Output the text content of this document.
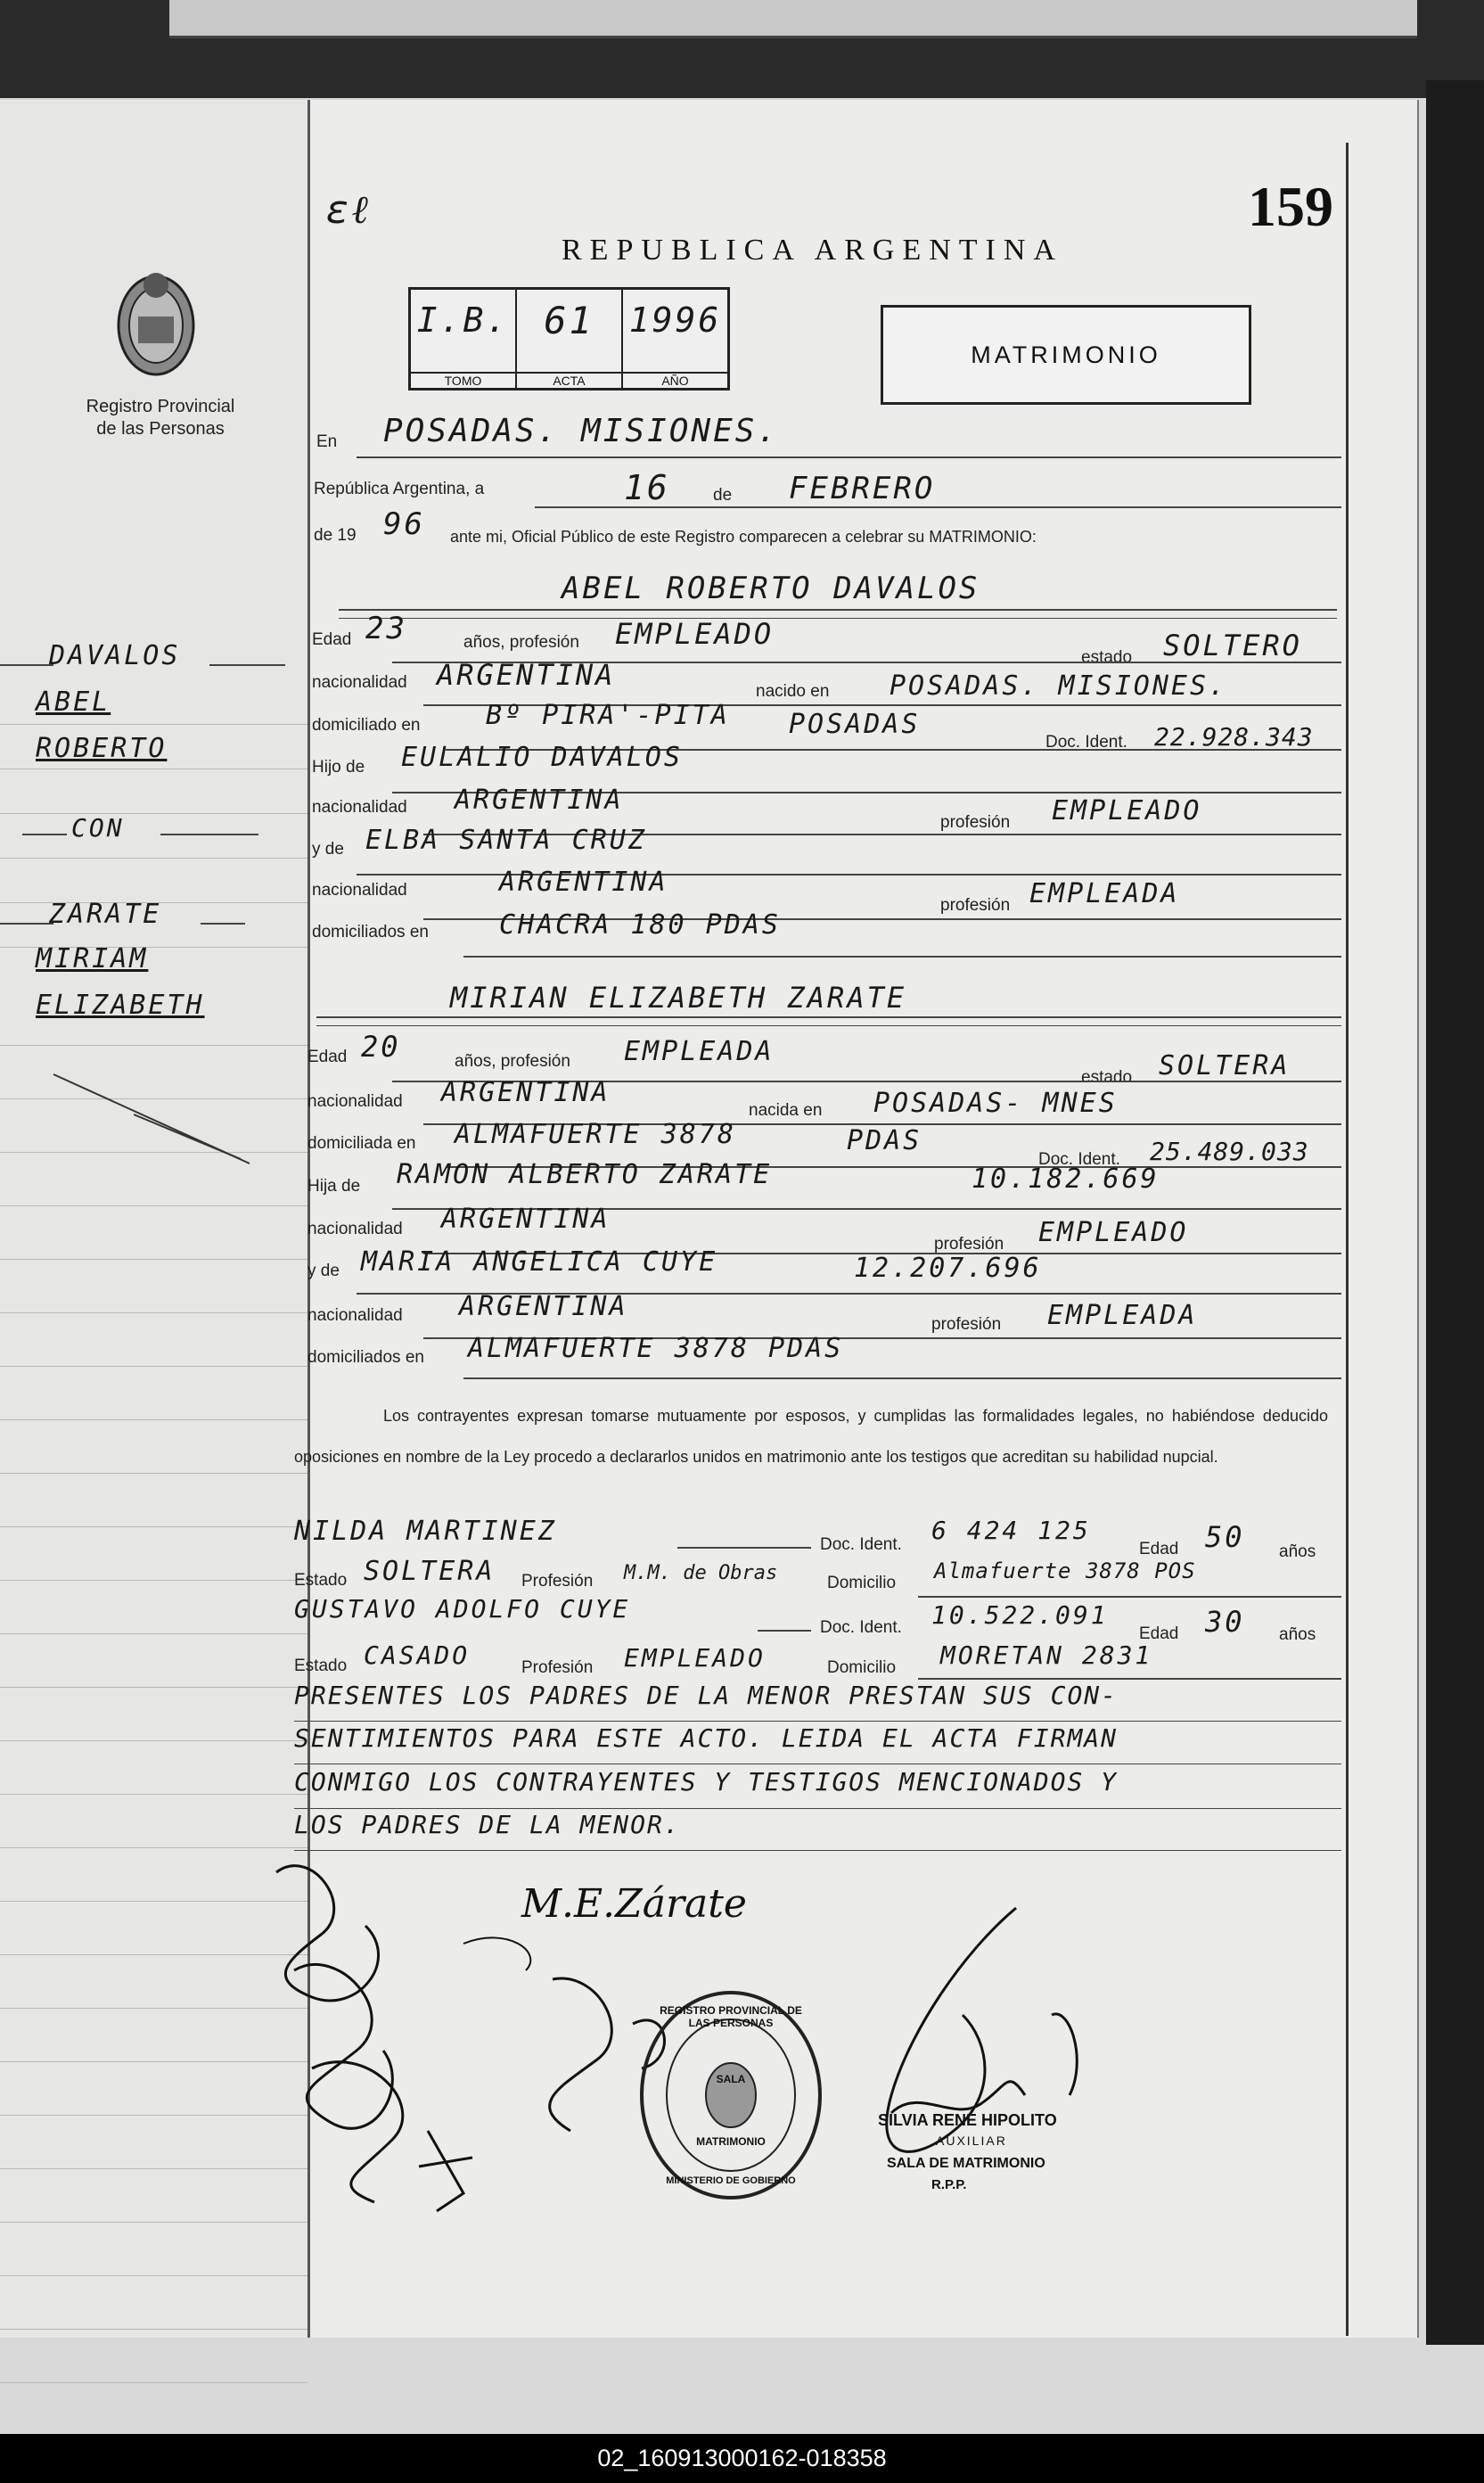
Registro Provincial
de las Personas
ɛℓ	159
REPUBLICA ARGENTINA
I.B.
TOMO
61
ACTA
1996
AÑO
MATRIMONIO
En POSADAS. MISIONES.
República Argentina, a	16	de FEBRERO
de 19 96 ante mi, Oficial Público de este Registro comparecen a celebrar su MATRIMONIO:
ABEL ROBERTO DAVALOS
Edad 23	años, profesión EMPLEADO
estado SOLTERO
nacionalidad ARGENTINA	nacido en POSADAS. MISIONES.
domiciliado en Bº PIRA'-PITA POSADAS
Doc. Ident. 22.928.343
Hijo de EULALIO DAVALOS
nacionalidad ARGENTINA
profesión EMPLEADO
y de ELBA SANTA CRUZ
nacionalidad	ARGENTINA
profesión EMPLEADA
domiciliados en	CHACRA 180 PDAS
MIRIAN ELIZABETH ZARATE
Edad 20	años, profesión EMPLEADA
estado SOLTERA
nacionalidad ARGENTINA
nacida en POSADAS- MNES
domiciliada en ALMAFUERTE 3878	PDAS
Doc. Ident. 25.489.033
Hija de RAMON ALBERTO ZARATE	10.182.669
nacionalidad ARGENTINA
profesión EMPLEADO
y de MARIA ANGELICA CUYE	12.207.696
nacionalidad ARGENTINA
profesión EMPLEADA
domiciliados en ALMAFUERTE 3878 PDAS
Los contrayentes expresan tomarse mutuamente por esposos, y cumplidas las formalidades legales, no habiéndose deducido oposiciones en nombre de la Ley procedo a declararlos unidos en matrimonio ante los testigos que acreditan su habilidad nupcial.
NILDA MARTINEZ	Doc. Ident. 6 424 125
Edad 50 años
Estado SOLTERA Profesión M.M. de Obras	Domicilio Almafuerte 3878 POS
GUSTAVO ADOLFO CUYE
Doc. Ident. 10.522.091
Edad 30 años
Estado CASADO	Profesión EMPLEADO	Domicilio MORETAN 2831
PRESENTES LOS PADRES DE LA MENOR PRESTAN SUS CON-
SENTIMIENTOS PARA ESTE ACTO. LEIDA EL ACTA FIRMAN
CONMIGO LOS CONTRAYENTES Y TESTIGOS MENCIONADOS Y
LOS PADRES DE LA MENOR.
DAVALOS
ABEL
ROBERTO
CON
ZARATE
MIRIAM
ELIZABETH
M.E.Zárate
REGISTRO PROVINCIAL DE LAS PERSONAS
SALA
MATRIMONIO
MINISTERIO DE GOBIERNO
SILVIA RENE HIPOLITO
AUXILIAR
SALA DE MATRIMONIO
R.P.P.
02_160913000162-018358
